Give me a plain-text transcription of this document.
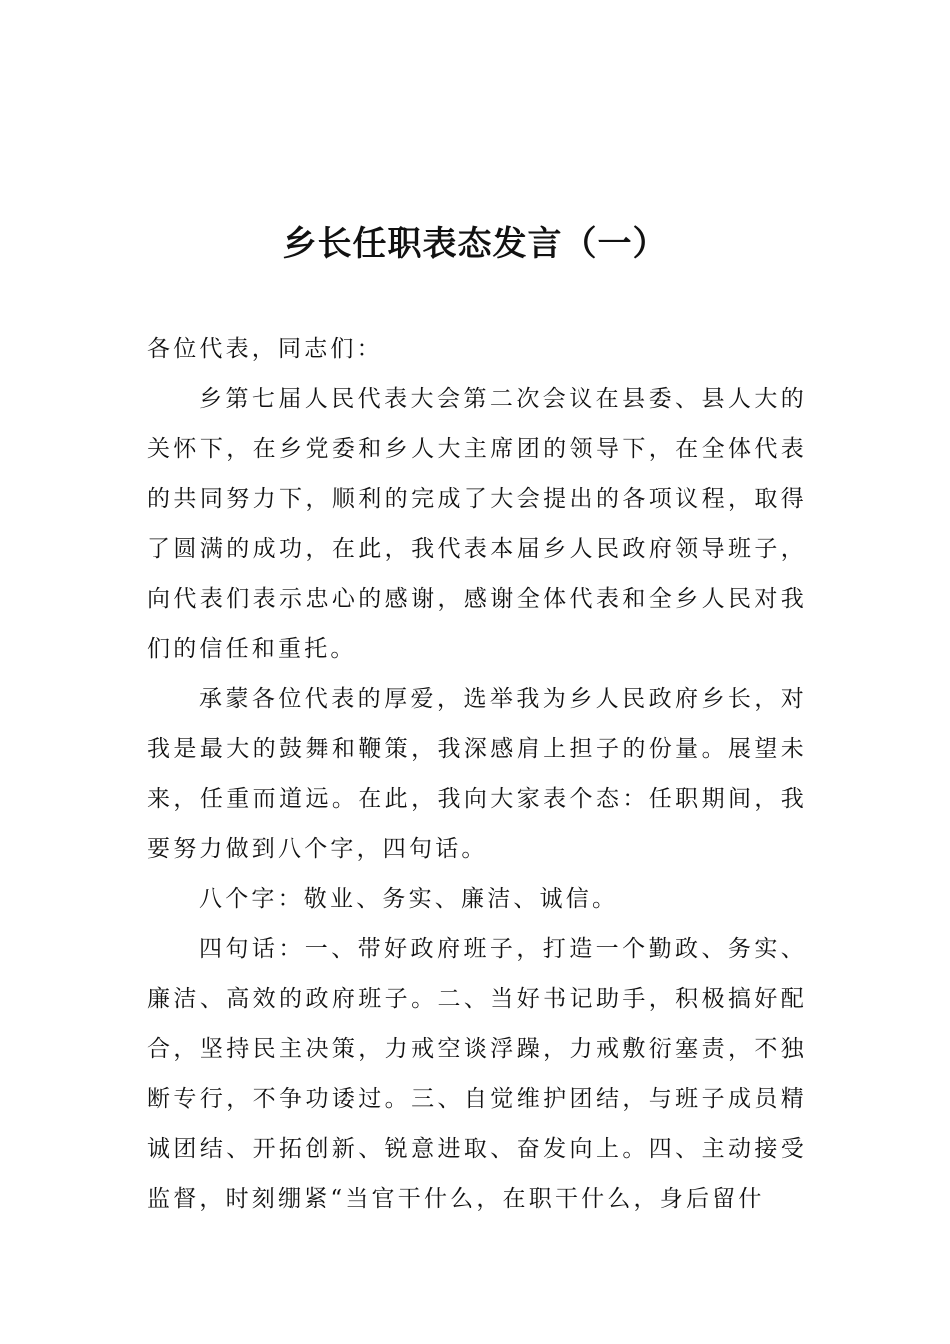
乡长任职表态发言（一）

各位代表，同志们：

乡第七届人民代表大会第二次会议在县委、县人大的关怀下，在乡党委和乡人大主席团的领导下，在全体代表的共同努力下，顺利的完成了大会提出的各项议程，取得了圆满的成功，在此，我代表本届乡人民政府领导班子，向代表们表示忠心的感谢，感谢全体代表和全乡人民对我们的信任和重托。

承蒙各位代表的厚爱，选举我为乡人民政府乡长，对我是最大的鼓舞和鞭策，我深感肩上担子的份量。展望未来，任重而道远。在此，我向大家表个态：任职期间，我要努力做到八个字，四句话。

八个字：敬业、务实、廉洁、诚信。

四句话：一、带好政府班子，打造一个勤政、务实、廉洁、高效的政府班子。二、当好书记助手，积极搞好配合，坚持民主决策，力戒空谈浮躁，力戒敷衍塞责，不独断专行，不争功诿过。三、自觉维护团结，与班子成员精诚团结、开拓创新、锐意进取、奋发向上。四、主动接受监督，时刻绷紧“当官干什么，在职干什么，身后留什
